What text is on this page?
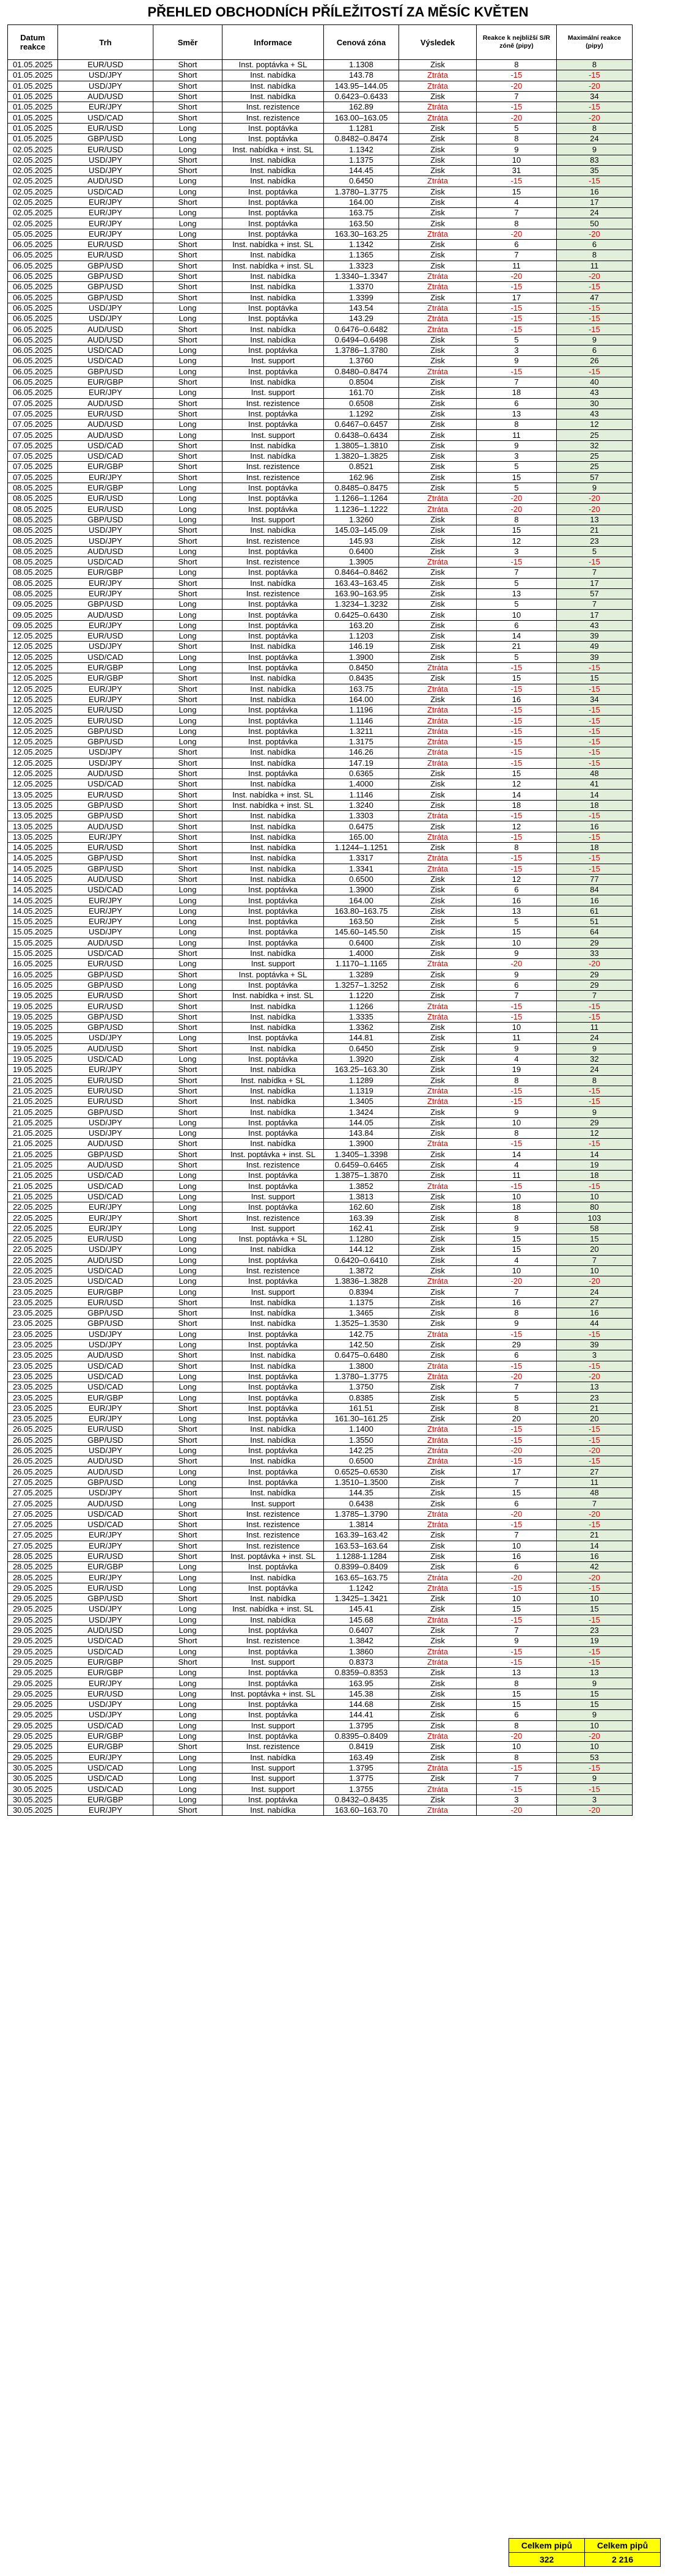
PŘEHLED OBCHODNÍCH PŘÍLEŽITOSTÍ ZA MĚSÍC KVĚTEN
Datum reakce	Trh	Směr	Informace	Cenová zóna	Výsledek	Reakce k nejbližší S/R zóně (pipy)	Maximální reakce (pipy)
01.05.2025	EUR/USD	Short	Inst. poptávka + SL	1.1308	Zisk	8	8
01.05.2025	USD/JPY	Short	Inst. nabídka	143.78	Ztráta	-15	-15
01.05.2025	USD/JPY	Short	Inst. nabídka	143.95–144.05	Ztráta	-20	-20
01.05.2025	AUD/USD	Short	Inst. nabídka	0.6423–0.6433	Zisk	7	34
01.05.2025	EUR/JPY	Short	Inst. rezistence	162.89	Ztráta	-15	-15
01.05.2025	USD/CAD	Short	Inst. rezistence	163.00–163.05	Ztráta	-20	-20
01.05.2025	EUR/USD	Long	Inst. poptávka	1.1281	Zisk	5	8
01.05.2025	GBP/USD	Long	Inst. poptávka	0.8482–0.8474	Zisk	8	24
02.05.2025	EUR/USD	Long	Inst. nabídka + inst. SL	1.1342	Zisk	9	9
02.05.2025	USD/JPY	Short	Inst. nabídka	1.1375	Zisk	10	83
02.05.2025	USD/JPY	Short	Inst. nabídka	144.45	Zisk	31	35
02.05.2025	AUD/USD	Long	Inst. nabídka	0.6450	Ztráta	-15	-15
02.05.2025	USD/CAD	Long	Inst. poptávka	1.3780–1.3775	Zisk	15	16
02.05.2025	EUR/JPY	Short	Inst. poptávka	164.00	Zisk	4	17
02.05.2025	EUR/JPY	Long	Inst. poptávka	163.75	Zisk	7	24
02.05.2025	EUR/JPY	Long	Inst. poptávka	163.50	Zisk	8	50
05.05.2025	EUR/JPY	Long	Inst. poptávka	163.30–163.25	Ztráta	-20	-20
06.05.2025	EUR/USD	Short	Inst. nabídka + inst. SL	1.1342	Zisk	6	6
06.05.2025	EUR/USD	Short	Inst. nabídka	1.1365	Zisk	7	8
06.05.2025	GBP/USD	Short	Inst. nabídka + inst. SL	1.3323	Zisk	11	11
06.05.2025	GBP/USD	Short	Inst. nabídka	1.3340–1.3347	Ztráta	-20	-20
06.05.2025	GBP/USD	Short	Inst. nabídka	1.3370	Ztráta	-15	-15
06.05.2025	GBP/USD	Short	Inst. nabídka	1.3399	Zisk	17	47
06.05.2025	USD/JPY	Long	Inst. poptávka	143.54	Ztráta	-15	-15
06.05.2025	USD/JPY	Long	Inst. poptávka	143.29	Ztráta	-15	-15
06.05.2025	AUD/USD	Short	Inst. nabídka	0.6476–0.6482	Ztráta	-15	-15
06.05.2025	AUD/USD	Short	Inst. nabídka	0.6494–0.6498	Zisk	5	9
06.05.2025	USD/CAD	Long	Inst. poptávka	1.3786–1.3780	Zisk	3	6
06.05.2025	USD/CAD	Long	Inst. support	1.3760	Zisk	9	26
06.05.2025	GBP/USD	Long	Inst. poptávka	0.8480–0.8474	Ztráta	-15	-15
06.05.2025	EUR/GBP	Short	Inst. nabídka	0.8504	Zisk	7	40
06.05.2025	EUR/JPY	Long	Inst. support	161.70	Zisk	18	43
07.05.2025	AUD/USD	Short	Inst. rezistence	0.6508	Zisk	6	30
07.05.2025	EUR/USD	Short	Inst. poptávka	1.1292	Zisk	13	43
07.05.2025	AUD/USD	Long	Inst. poptávka	0.6467–0.6457	Zisk	8	12
07.05.2025	AUD/USD	Long	Inst. support	0.6438–0.6434	Zisk	11	25
07.05.2025	USD/CAD	Short	Inst. nabídka	1.3805–1.3810	Zisk	9	32
07.05.2025	USD/CAD	Short	Inst. nabídka	1.3820–1.3825	Zisk	3	25
07.05.2025	EUR/GBP	Short	Inst. rezistence	0.8521	Zisk	5	25
07.05.2025	EUR/JPY	Short	Inst. rezistence	162.96	Zisk	15	57
08.05.2025	EUR/GBP	Long	Inst. poptávka	0.8485–0.8475	Zisk	5	9
08.05.2025	EUR/USD	Long	Inst. poptávka	1.1266–1.1264	Ztráta	-20	-20
08.05.2025	EUR/USD	Long	Inst. poptávka	1.1236–1.1222	Ztráta	-20	-20
08.05.2025	GBP/USD	Long	Inst. support	1.3260	Zisk	8	13
08.05.2025	USD/JPY	Short	Inst. nabídka	145.03–145.09	Zisk	15	21
08.05.2025	USD/JPY	Short	Inst. rezistence	145.93	Zisk	12	23
08.05.2025	AUD/USD	Long	Inst. poptávka	0.6400	Zisk	3	5
08.05.2025	USD/CAD	Short	Inst. rezistence	1.3905	Ztráta	-15	-15
08.05.2025	EUR/GBP	Long	Inst. poptávka	0.8464–0.8462	Zisk	7	7
08.05.2025	EUR/JPY	Short	Inst. nabídka	163.43–163.45	Zisk	5	17
08.05.2025	EUR/JPY	Short	Inst. rezistence	163.90–163.95	Zisk	13	57
09.05.2025	GBP/USD	Long	Inst. poptávka	1.3234–1.3232	Zisk	5	7
09.05.2025	AUD/USD	Long	Inst. poptávka	0.6425–0.6430	Zisk	10	17
09.05.2025	EUR/JPY	Long	Inst. poptávka	163.20	Zisk	6	43
12.05.2025	EUR/USD	Long	Inst. poptávka	1.1203	Zisk	14	39
12.05.2025	USD/JPY	Short	Inst. nabídka	146.19	Zisk	21	49
12.05.2025	USD/CAD	Long	Inst. poptávka	1.3900	Zisk	5	39
12.05.2025	EUR/GBP	Long	Inst. poptávka	0.8450	Ztráta	-15	-15
12.05.2025	EUR/GBP	Short	Inst. nabídka	0.8435	Zisk	15	15
12.05.2025	EUR/JPY	Short	Inst. nabídka	163.75	Ztráta	-15	-15
12.05.2025	EUR/JPY	Short	Inst. nabídka	164.00	Zisk	16	34
12.05.2025	EUR/USD	Long	Inst. poptávka	1.1196	Ztráta	-15	-15
12.05.2025	EUR/USD	Long	Inst. poptávka	1.1146	Ztráta	-15	-15
12.05.2025	GBP/USD	Long	Inst. poptávka	1.3211	Ztráta	-15	-15
12.05.2025	GBP/USD	Long	Inst. poptávka	1.3175	Ztráta	-15	-15
12.05.2025	USD/JPY	Short	Inst. nabídka	146.26	Ztráta	-15	-15
12.05.2025	USD/JPY	Short	Inst. nabídka	147.19	Ztráta	-15	-15
12.05.2025	AUD/USD	Short	Inst. poptávka	0.6365	Zisk	15	48
12.05.2025	USD/CAD	Short	Inst. nabídka	1.4000	Zisk	12	41
13.05.2025	EUR/USD	Short	Inst. nabídka + inst. SL	1.1146	Zisk	14	14
13.05.2025	GBP/USD	Short	Inst. nabídka + inst. SL	1.3240	Zisk	18	18
13.05.2025	GBP/USD	Short	Inst. nabídka	1.3303	Ztráta	-15	-15
13.05.2025	AUD/USD	Short	Inst. nabídka	0.6475	Zisk	12	16
13.05.2025	EUR/JPY	Short	Inst. nabídka	165.00	Ztráta	-15	-15
14.05.2025	EUR/USD	Short	Inst. nabídka	1.1244–1.1251	Zisk	8	18
14.05.2025	GBP/USD	Short	Inst. nabídka	1.3317	Ztráta	-15	-15
14.05.2025	GBP/USD	Short	Inst. nabídka	1.3341	Ztráta	-15	-15
14.05.2025	AUD/USD	Short	Inst. nabídka	0.6500	Zisk	12	77
14.05.2025	USD/CAD	Long	Inst. poptávka	1.3900	Zisk	6	84
14.05.2025	EUR/JPY	Long	Inst. poptávka	164.00	Zisk	16	16
14.05.2025	EUR/JPY	Long	Inst. poptávka	163.80–163.75	Zisk	13	61
15.05.2025	EUR/JPY	Long	Inst. poptávka	163.50	Zisk	5	51
15.05.2025	USD/JPY	Long	Inst. poptávka	145.60–145.50	Zisk	15	64
15.05.2025	AUD/USD	Long	Inst. poptávka	0.6400	Zisk	10	29
15.05.2025	USD/CAD	Short	Inst. nabídka	1.4000	Zisk	9	33
16.05.2025	EUR/USD	Long	Inst. support	1.1170–1.1165	Ztráta	-20	-20
16.05.2025	GBP/USD	Short	Inst. poptávka + SL	1.3289	Zisk	9	29
16.05.2025	GBP/USD	Long	Inst. poptávka	1.3257–1.3252	Zisk	6	29
19.05.2025	EUR/USD	Short	Inst. nabídka + inst. SL	1.1220	Zisk	7	7
19.05.2025	EUR/USD	Short	Inst. nabídka	1.1266	Ztráta	-15	-15
19.05.2025	GBP/USD	Short	Inst. nabídka	1.3335	Ztráta	-15	-15
19.05.2025	GBP/USD	Short	Inst. nabídka	1.3362	Zisk	10	11
19.05.2025	USD/JPY	Long	Inst. poptávka	144.81	Zisk	11	24
19.05.2025	AUD/USD	Short	Inst. nabídka	0.6450	Zisk	9	9
19.05.2025	USD/CAD	Long	Inst. poptávka	1.3920	Zisk	4	32
19.05.2025	EUR/JPY	Short	Inst. nabídka	163.25–163.30	Zisk	19	24
21.05.2025	EUR/USD	Short	Inst. nabídka + SL	1.1289	Zisk	8	8
21.05.2025	EUR/USD	Short	Inst. nabídka	1.1319	Ztráta	-15	-15
21.05.2025	EUR/USD	Short	Inst. nabídka	1.3405	Ztráta	-15	-15
21.05.2025	GBP/USD	Short	Inst. nabídka	1.3424	Zisk	9	9
21.05.2025	USD/JPY	Long	Inst. poptávka	144.05	Zisk	10	29
21.05.2025	USD/JPY	Long	Inst. poptávka	143.84	Zisk	8	12
21.05.2025	AUD/USD	Short	Inst. nabídka	1.3900	Ztráta	-15	-15
21.05.2025	GBP/USD	Short	Inst. poptávka + inst. SL	1.3405–1.3398	Zisk	14	14
21.05.2025	AUD/USD	Short	Inst. rezistence	0.6459–0.6465	Zisk	4	19
21.05.2025	USD/CAD	Long	Inst. poptávka	1.3875–1.3870	Zisk	11	18
21.05.2025	USD/CAD	Long	Inst. poptávka	1.3852	Ztráta	-15	-15
21.05.2025	USD/CAD	Long	Inst. support	1.3813	Zisk	10	10
22.05.2025	EUR/JPY	Long	Inst. poptávka	162.60	Zisk	18	80
22.05.2025	EUR/JPY	Short	Inst. rezistence	163.39	Zisk	8	103
22.05.2025	EUR/JPY	Long	Inst. support	162.41	Zisk	9	58
22.05.2025	EUR/USD	Long	Inst. poptávka + SL	1.1280	Zisk	15	15
22.05.2025	USD/JPY	Long	Inst. nabídka	144.12	Zisk	15	20
22.05.2025	AUD/USD	Long	Inst. poptávka	0.6420–0.6410	Zisk	4	7
22.05.2025	USD/CAD	Long	Inst. rezistence	1.3872	Zisk	10	10
23.05.2025	USD/CAD	Long	Inst. poptávka	1.3836–1.3828	Ztráta	-20	-20
23.05.2025	EUR/GBP	Long	Inst. support	0.8394	Zisk	7	24
23.05.2025	EUR/USD	Short	Inst. nabídka	1.1375	Zisk	16	27
23.05.2025	GBP/USD	Short	Inst. nabídka	1.3465	Zisk	8	16
23.05.2025	GBP/USD	Short	Inst. nabídka	1.3525–1.3530	Zisk	9	44
23.05.2025	USD/JPY	Long	Inst. poptávka	142.75	Ztráta	-15	-15
23.05.2025	USD/JPY	Long	Inst. poptávka	142.50	Zisk	29	39
23.05.2025	AUD/USD	Short	Inst. nabídka	0.6475–0.6480	Zisk	6	3
23.05.2025	USD/CAD	Short	Inst. nabídka	1.3800	Ztráta	-15	-15
23.05.2025	USD/CAD	Long	Inst. poptávka	1.3780–1.3775	Ztráta	-20	-20
23.05.2025	USD/CAD	Long	Inst. poptávka	1.3750	Zisk	7	13
23.05.2025	EUR/GBP	Long	Inst. poptávka	0.8385	Zisk	5	23
23.05.2025	EUR/JPY	Short	Inst. poptávka	161.51	Zisk	8	21
23.05.2025	EUR/JPY	Long	Inst. poptávka	161.30–161.25	Zisk	20	20
26.05.2025	EUR/USD	Short	Inst. nabídka	1.1400	Ztráta	-15	-15
26.05.2025	GBP/USD	Short	Inst. nabídka	1.3550	Ztráta	-15	-15
26.05.2025	USD/JPY	Long	Inst. poptávka	142.25	Ztráta	-20	-20
26.05.2025	AUD/USD	Short	Inst. nabídka	0.6500	Ztráta	-15	-15
26.05.2025	AUD/USD	Long	Inst. poptávka	0.6525–0.6530	Zisk	17	27
27.05.2025	GBP/USD	Long	Inst. poptávka	1.3510–1.3500	Zisk	7	11
27.05.2025	USD/JPY	Short	Inst. nabídka	144.35	Zisk	15	48
27.05.2025	AUD/USD	Long	Inst. support	0.6438	Zisk	6	7
27.05.2025	USD/CAD	Short	Inst. rezistence	1.3785–1.3790	Ztráta	-20	-20
27.05.2025	USD/CAD	Short	Inst. rezistence	1.3814	Ztráta	-15	-15
27.05.2025	EUR/JPY	Short	Inst. rezistence	163.39–163.42	Zisk	7	21
27.05.2025	EUR/JPY	Short	Inst. rezistence	163.53–163.64	Zisk	10	14
28.05.2025	EUR/USD	Short	Inst. poptávka + inst. SL	1.1288-1.1284	Zisk	16	16
28.05.2025	EUR/GBP	Long	Inst. poptávka	0.8399–0.8409	Zisk	6	42
28.05.2025	EUR/JPY	Long	Inst. nabídka	163.65–163.75	Ztráta	-20	-20
29.05.2025	EUR/USD	Long	Inst. poptávka	1.1242	Ztráta	-15	-15
29.05.2025	GBP/USD	Short	Inst. nabídka	1.3425–1.3421	Zisk	10	10
29.05.2025	USD/JPY	Long	Inst. nabídka + inst. SL	145.41	Zisk	15	15
29.05.2025	USD/JPY	Long	Inst. nabídka	145.68	Ztráta	-15	-15
29.05.2025	AUD/USD	Long	Inst. poptávka	0.6407	Zisk	7	23
29.05.2025	USD/CAD	Short	Inst. rezistence	1.3842	Zisk	9	19
29.05.2025	USD/CAD	Long	Inst. poptávka	1.3860	Ztráta	-15	-15
29.05.2025	EUR/GBP	Short	Inst. support	0.8373	Ztráta	-15	-15
29.05.2025	EUR/GBP	Long	Inst. poptávka	0.8359–0.8353	Zisk	13	13
29.05.2025	EUR/JPY	Long	Inst. poptávka	163.95	Zisk	8	9
29.05.2025	EUR/USD	Long	Inst. poptávka + inst. SL	145.38	Zisk	15	15
29.05.2025	USD/JPY	Long	Inst. poptávka	144.68	Zisk	15	15
29.05.2025	USD/JPY	Long	Inst. poptávka	144.41	Zisk	6	9
29.05.2025	USD/CAD	Long	Inst. support	1.3795	Zisk	8	10
29.05.2025	EUR/GBP	Long	Inst. poptávka	0.8395–0.8409	Ztráta	-20	-20
29.05.2025	EUR/GBP	Short	Inst. rezistence	0.8419	Zisk	10	10
29.05.2025	EUR/JPY	Long	Inst. nabídka	163.49	Zisk	8	53
30.05.2025	USD/CAD	Long	Inst. support	1.3795	Ztráta	-15	-15
30.05.2025	USD/CAD	Long	Inst. support	1.3775	Zisk	7	9
30.05.2025	USD/CAD	Long	Inst. support	1.3755	Ztráta	-15	-15
30.05.2025	EUR/GBP	Long	Inst. poptávka	0.8432–0.8435	Zisk	3	3
30.05.2025	EUR/JPY	Short	Inst. nabídka	163.60–163.70	Ztráta	-20	-20
Celkem pipů	Celkem pipů
322	2 216
